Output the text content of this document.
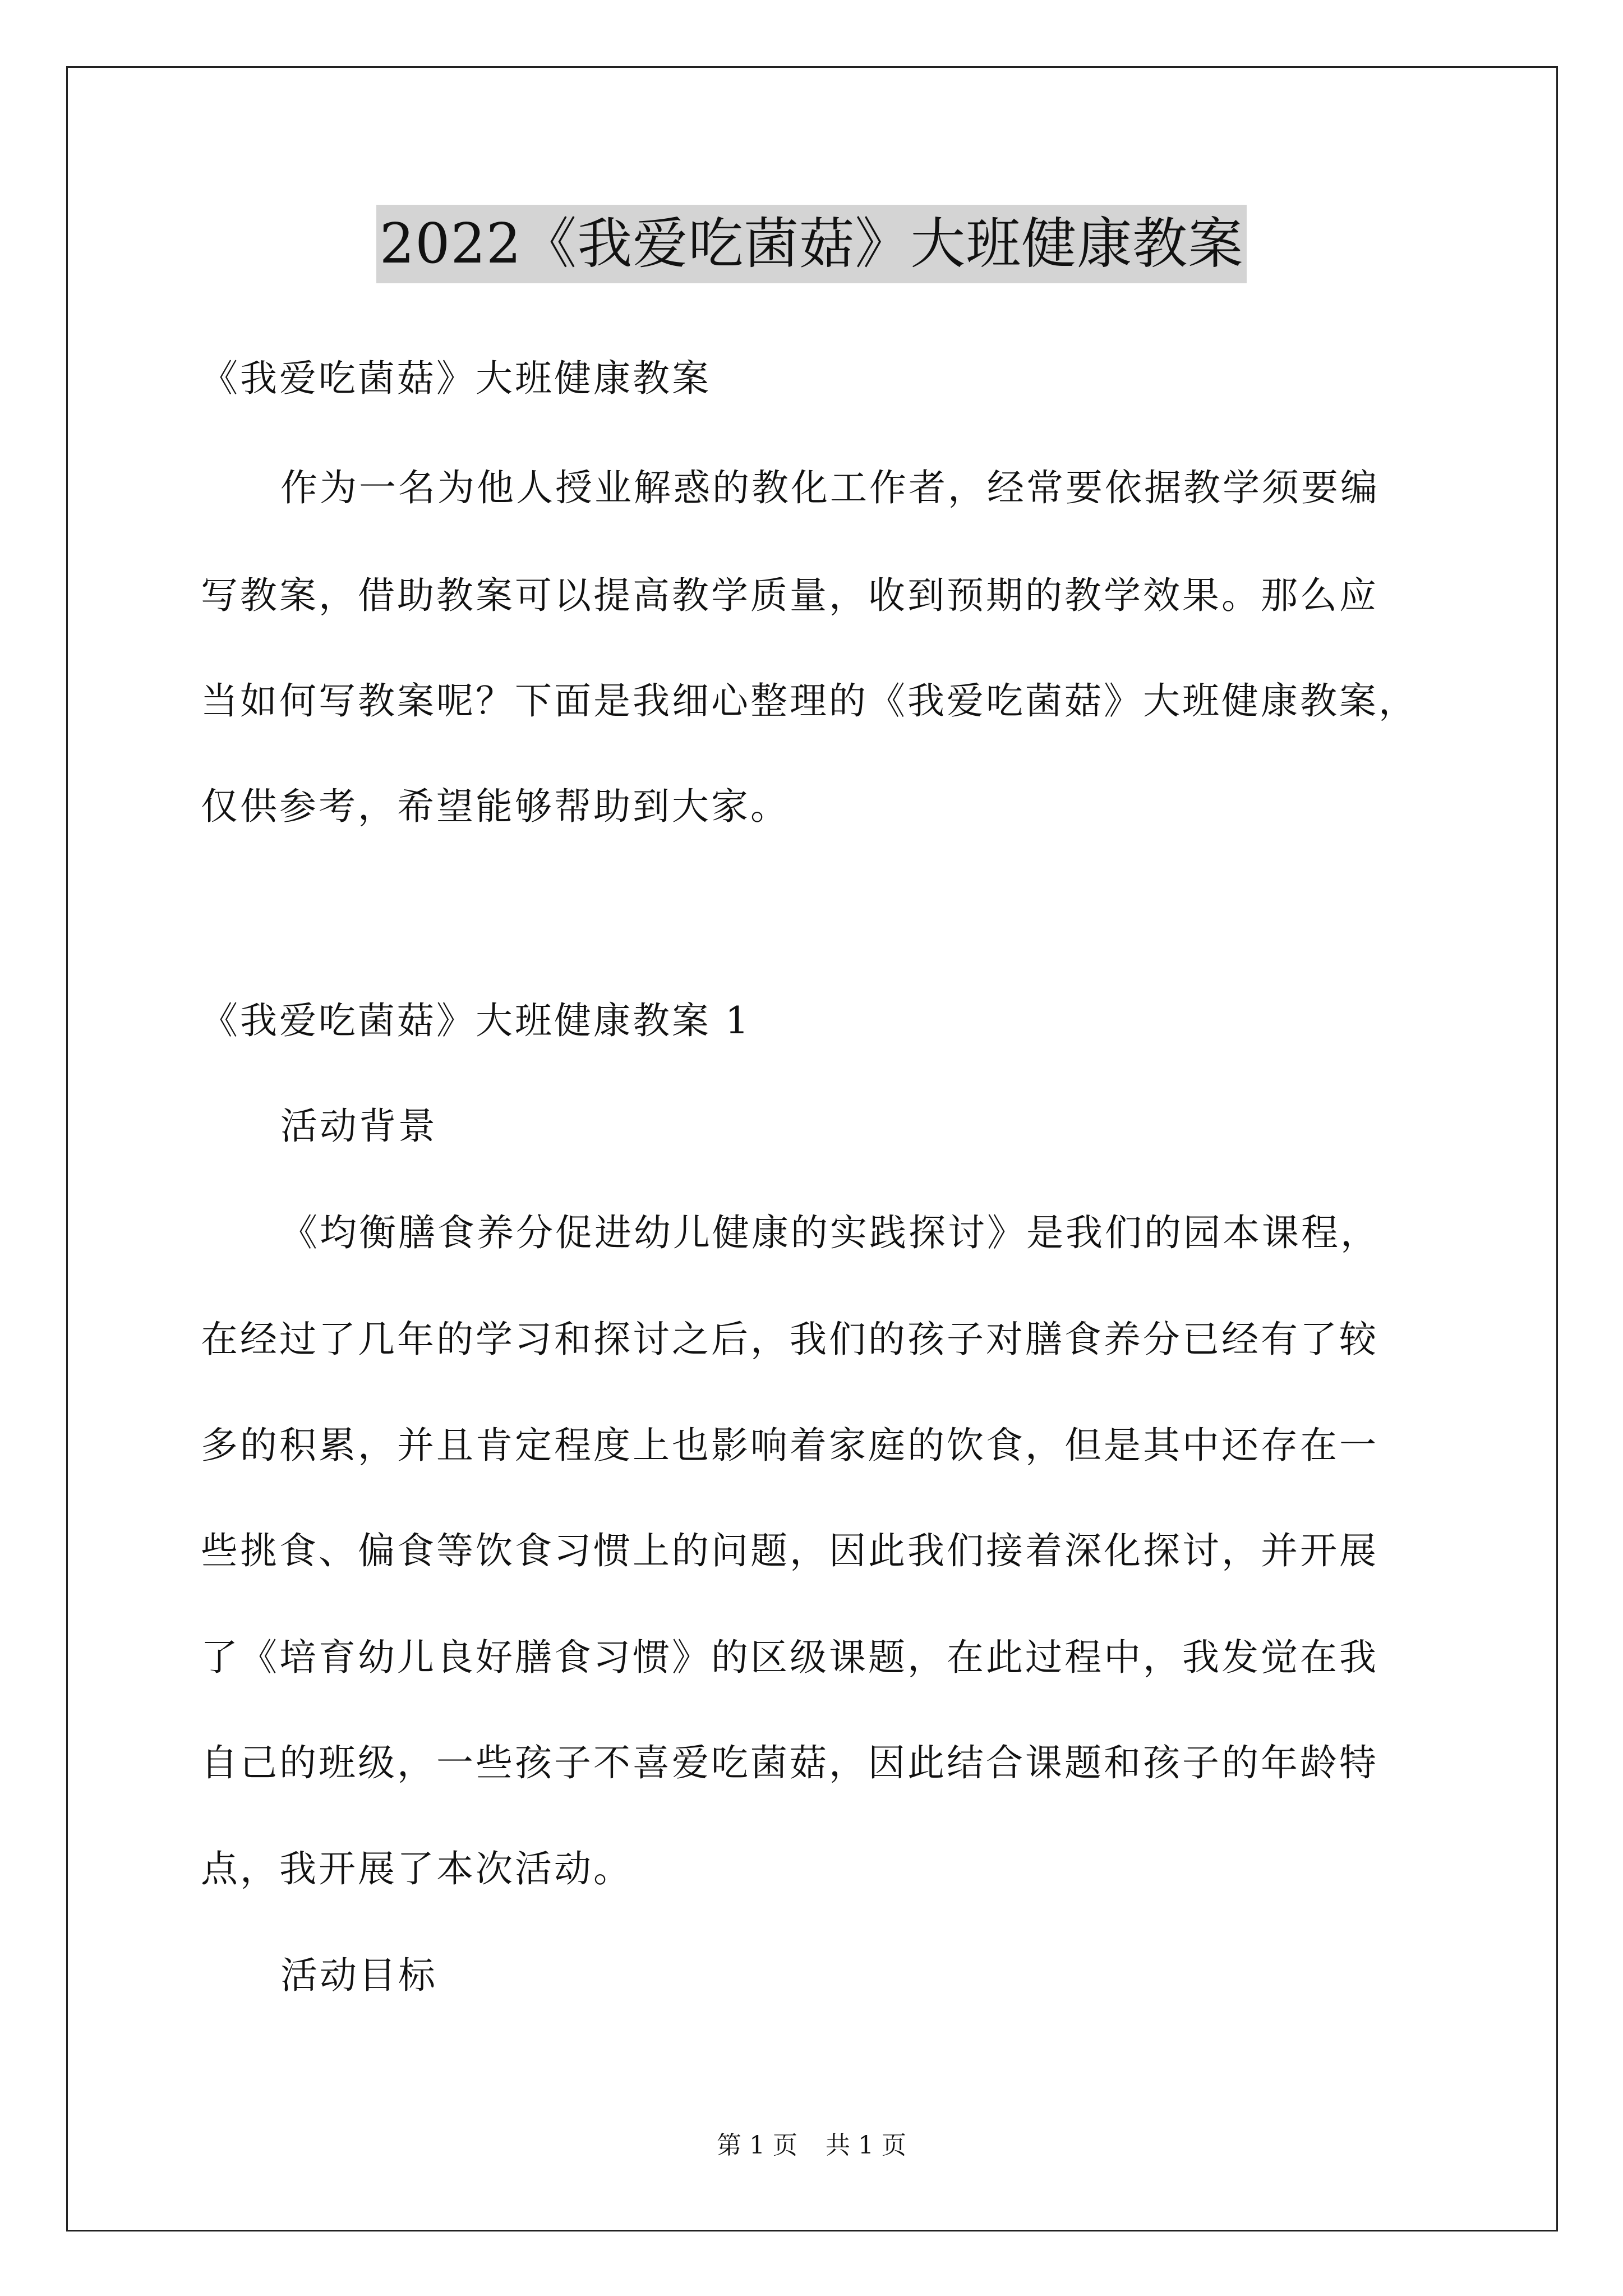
2022《我爱吃菌菇》大班健康教案
《我爱吃菌菇》大班健康教案
作为一名为他人授业解惑的教化工作者，经常要依据教学须要编
写教案，借助教案可以提高教学质量，收到预期的教学效果。那么应
当如何写教案呢？下面是我细心整理的《我爱吃菌菇》大班健康教案，
仅供参考，希望能够帮助到大家。
《我爱吃菌菇》大班健康教案 1
活动背景
《均衡膳食养分促进幼儿健康的实践探讨》是我们的园本课程，
在经过了几年的学习和探讨之后，我们的孩子对膳食养分已经有了较
多的积累，并且肯定程度上也影响着家庭的饮食，但是其中还存在一
些挑食、偏食等饮食习惯上的问题，因此我们接着深化探讨，并开展
了《培育幼儿良好膳食习惯》的区级课题，在此过程中，我发觉在我
自己的班级，一些孩子不喜爱吃菌菇，因此结合课题和孩子的年龄特
点，我开展了本次活动。
活动目标
第 1 页 共 1 页
